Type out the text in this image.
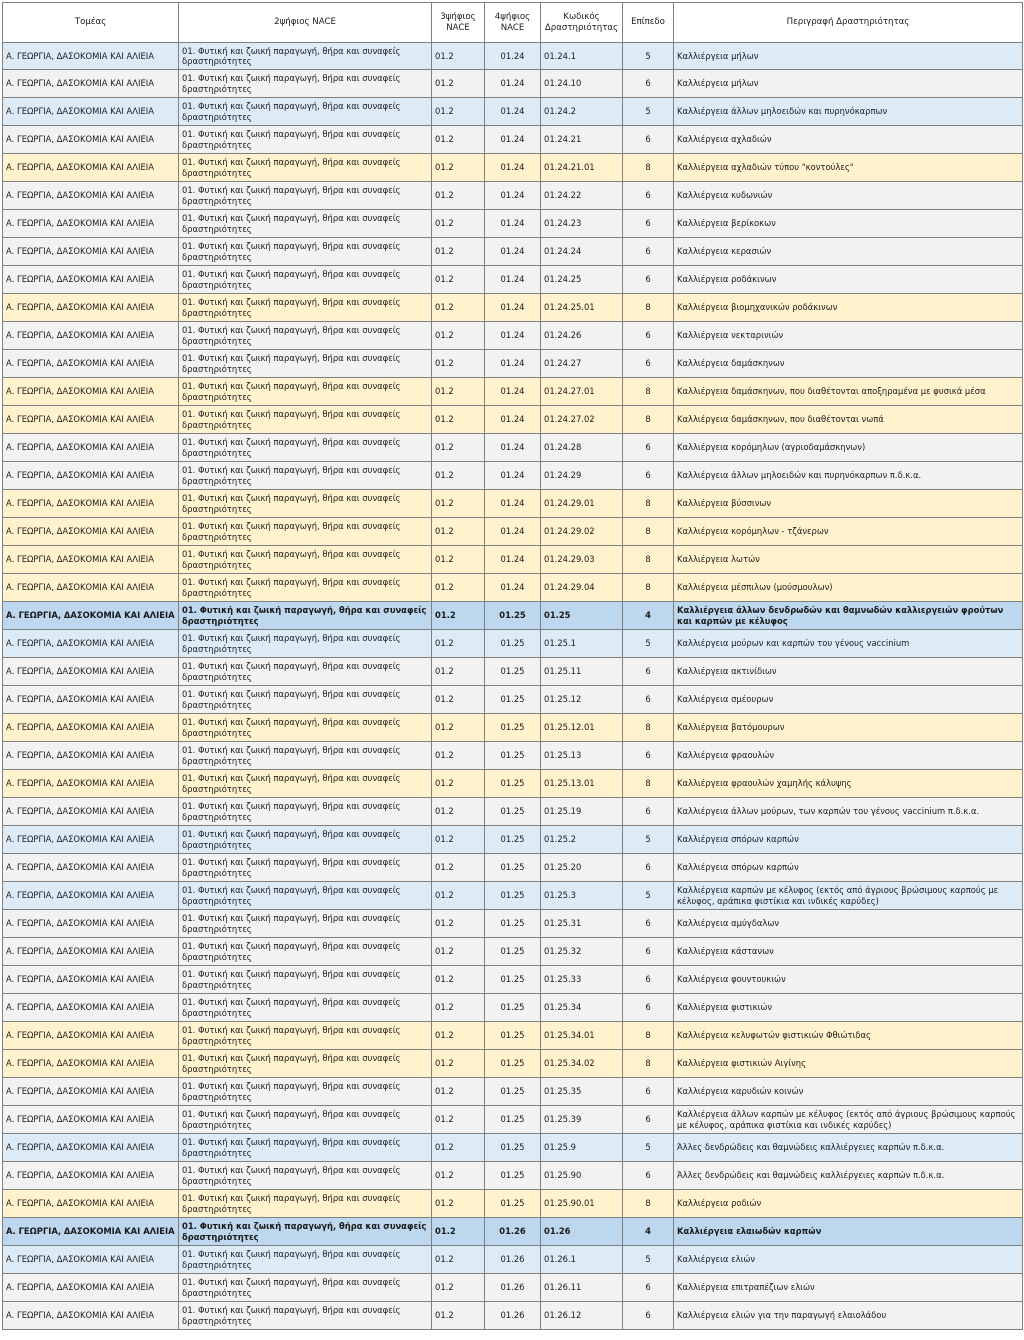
Τομέας	2ψήφιος NACE	3ψήφιος NACE	4ψήφιος NACE	Κωδικός Δραστηριότητας	Επίπεδο	Περιγραφή Δραστηριότητας
Α. ΓΕΩΡΓΙΑ, ΔΑΣΟΚΟΜΙΑ ΚΑΙ ΑΛΙΕΙΑ	01. Φυτική και ζωική παραγωγή, θήρα και συναφείς δραστηριότητες	01.2	01.24	01.24.1	5	Καλλιέργεια μήλων
Α. ΓΕΩΡΓΙΑ, ΔΑΣΟΚΟΜΙΑ ΚΑΙ ΑΛΙΕΙΑ	01. Φυτική και ζωική παραγωγή, θήρα και συναφείς δραστηριότητες	01.2	01.24	01.24.10	6	Καλλιέργεια μήλων
Α. ΓΕΩΡΓΙΑ, ΔΑΣΟΚΟΜΙΑ ΚΑΙ ΑΛΙΕΙΑ	01. Φυτική και ζωική παραγωγή, θήρα και συναφείς δραστηριότητες	01.2	01.24	01.24.2	5	Καλλιέργεια άλλων μηλοειδών και πυρηνόκαρπων
Α. ΓΕΩΡΓΙΑ, ΔΑΣΟΚΟΜΙΑ ΚΑΙ ΑΛΙΕΙΑ	01. Φυτική και ζωική παραγωγή, θήρα και συναφείς δραστηριότητες	01.2	01.24	01.24.21	6	Καλλιέργεια αχλαδιών
Α. ΓΕΩΡΓΙΑ, ΔΑΣΟΚΟΜΙΑ ΚΑΙ ΑΛΙΕΙΑ	01. Φυτική και ζωική παραγωγή, θήρα και συναφείς δραστηριότητες	01.2	01.24	01.24.21.01	8	Καλλιέργεια αχλαδιών τύπου "κοντούλες"
Α. ΓΕΩΡΓΙΑ, ΔΑΣΟΚΟΜΙΑ ΚΑΙ ΑΛΙΕΙΑ	01. Φυτική και ζωική παραγωγή, θήρα και συναφείς δραστηριότητες	01.2	01.24	01.24.22	6	Καλλιέργεια κυδωνιών
Α. ΓΕΩΡΓΙΑ, ΔΑΣΟΚΟΜΙΑ ΚΑΙ ΑΛΙΕΙΑ	01. Φυτική και ζωική παραγωγή, θήρα και συναφείς δραστηριότητες	01.2	01.24	01.24.23	6	Καλλιέργεια βερίκοκων
Α. ΓΕΩΡΓΙΑ, ΔΑΣΟΚΟΜΙΑ ΚΑΙ ΑΛΙΕΙΑ	01. Φυτική και ζωική παραγωγή, θήρα και συναφείς δραστηριότητες	01.2	01.24	01.24.24	6	Καλλιέργεια κερασιών
Α. ΓΕΩΡΓΙΑ, ΔΑΣΟΚΟΜΙΑ ΚΑΙ ΑΛΙΕΙΑ	01. Φυτική και ζωική παραγωγή, θήρα και συναφείς δραστηριότητες	01.2	01.24	01.24.25	6	Καλλιέργεια ροδάκινων
Α. ΓΕΩΡΓΙΑ, ΔΑΣΟΚΟΜΙΑ ΚΑΙ ΑΛΙΕΙΑ	01. Φυτική και ζωική παραγωγή, θήρα και συναφείς δραστηριότητες	01.2	01.24	01.24.25.01	8	Καλλιέργεια βιομηχανικών ροδάκινων
Α. ΓΕΩΡΓΙΑ, ΔΑΣΟΚΟΜΙΑ ΚΑΙ ΑΛΙΕΙΑ	01. Φυτική και ζωική παραγωγή, θήρα και συναφείς δραστηριότητες	01.2	01.24	01.24.26	6	Καλλιέργεια νεκταρινιών
Α. ΓΕΩΡΓΙΑ, ΔΑΣΟΚΟΜΙΑ ΚΑΙ ΑΛΙΕΙΑ	01. Φυτική και ζωική παραγωγή, θήρα και συναφείς δραστηριότητες	01.2	01.24	01.24.27	6	Καλλιέργεια δαμάσκηνων
Α. ΓΕΩΡΓΙΑ, ΔΑΣΟΚΟΜΙΑ ΚΑΙ ΑΛΙΕΙΑ	01. Φυτική και ζωική παραγωγή, θήρα και συναφείς δραστηριότητες	01.2	01.24	01.24.27.01	8	Καλλιέργεια δαμάσκηνων, που διαθέτονται αποξηραμένα με φυσικά μέσα
Α. ΓΕΩΡΓΙΑ, ΔΑΣΟΚΟΜΙΑ ΚΑΙ ΑΛΙΕΙΑ	01. Φυτική και ζωική παραγωγή, θήρα και συναφείς δραστηριότητες	01.2	01.24	01.24.27.02	8	Καλλιέργεια δαμάσκηνων, που διαθέτονται νωπά
Α. ΓΕΩΡΓΙΑ, ΔΑΣΟΚΟΜΙΑ ΚΑΙ ΑΛΙΕΙΑ	01. Φυτική και ζωική παραγωγή, θήρα και συναφείς δραστηριότητες	01.2	01.24	01.24.28	6	Καλλιέργεια κορόμηλων (αγριοδαμάσκηνων)
Α. ΓΕΩΡΓΙΑ, ΔΑΣΟΚΟΜΙΑ ΚΑΙ ΑΛΙΕΙΑ	01. Φυτική και ζωική παραγωγή, θήρα και συναφείς δραστηριότητες	01.2	01.24	01.24.29	6	Καλλιέργεια άλλων μηλοειδών και πυρηνόκαρπων π.δ.κ.α.
Α. ΓΕΩΡΓΙΑ, ΔΑΣΟΚΟΜΙΑ ΚΑΙ ΑΛΙΕΙΑ	01. Φυτική και ζωική παραγωγή, θήρα και συναφείς δραστηριότητες	01.2	01.24	01.24.29.01	8	Καλλιέργεια βύσσινων
Α. ΓΕΩΡΓΙΑ, ΔΑΣΟΚΟΜΙΑ ΚΑΙ ΑΛΙΕΙΑ	01. Φυτική και ζωική παραγωγή, θήρα και συναφείς δραστηριότητες	01.2	01.24	01.24.29.02	8	Καλλιέργεια κορόμηλων - τζάνερων
Α. ΓΕΩΡΓΙΑ, ΔΑΣΟΚΟΜΙΑ ΚΑΙ ΑΛΙΕΙΑ	01. Φυτική και ζωική παραγωγή, θήρα και συναφείς δραστηριότητες	01.2	01.24	01.24.29.03	8	Καλλιέργεια λωτών
Α. ΓΕΩΡΓΙΑ, ΔΑΣΟΚΟΜΙΑ ΚΑΙ ΑΛΙΕΙΑ	01. Φυτική και ζωική παραγωγή, θήρα και συναφείς δραστηριότητες	01.2	01.24	01.24.29.04	8	Καλλιέργεια μέσπιλων (μούσμουλων)
Α. ΓΕΩΡΓΙΑ, ΔΑΣΟΚΟΜΙΑ ΚΑΙ ΑΛΙΕΙΑ	01. Φυτική και ζωική παραγωγή, θήρα και συναφείς δραστηριότητες	01.2	01.25	01.25	4	Καλλιέργεια άλλων δενδρωδών και θαμνωδών καλλιεργειών φρούτων και καρπών με κέλυφος
Α. ΓΕΩΡΓΙΑ, ΔΑΣΟΚΟΜΙΑ ΚΑΙ ΑΛΙΕΙΑ	01. Φυτική και ζωική παραγωγή, θήρα και συναφείς δραστηριότητες	01.2	01.25	01.25.1	5	Καλλιέργεια μούρων και καρπών του γένους vaccinium
Α. ΓΕΩΡΓΙΑ, ΔΑΣΟΚΟΜΙΑ ΚΑΙ ΑΛΙΕΙΑ	01. Φυτική και ζωική παραγωγή, θήρα και συναφείς δραστηριότητες	01.2	01.25	01.25.11	6	Καλλιέργεια ακτινίδιων
Α. ΓΕΩΡΓΙΑ, ΔΑΣΟΚΟΜΙΑ ΚΑΙ ΑΛΙΕΙΑ	01. Φυτική και ζωική παραγωγή, θήρα και συναφείς δραστηριότητες	01.2	01.25	01.25.12	6	Καλλιέργεια σμέουρων
Α. ΓΕΩΡΓΙΑ, ΔΑΣΟΚΟΜΙΑ ΚΑΙ ΑΛΙΕΙΑ	01. Φυτική και ζωική παραγωγή, θήρα και συναφείς δραστηριότητες	01.2	01.25	01.25.12.01	8	Καλλιέργεια βατόμουρων
Α. ΓΕΩΡΓΙΑ, ΔΑΣΟΚΟΜΙΑ ΚΑΙ ΑΛΙΕΙΑ	01. Φυτική και ζωική παραγωγή, θήρα και συναφείς δραστηριότητες	01.2	01.25	01.25.13	6	Καλλιέργεια φραουλών
Α. ΓΕΩΡΓΙΑ, ΔΑΣΟΚΟΜΙΑ ΚΑΙ ΑΛΙΕΙΑ	01. Φυτική και ζωική παραγωγή, θήρα και συναφείς δραστηριότητες	01.2	01.25	01.25.13.01	8	Καλλιέργεια φραουλών χαμηλής κάλυψης
Α. ΓΕΩΡΓΙΑ, ΔΑΣΟΚΟΜΙΑ ΚΑΙ ΑΛΙΕΙΑ	01. Φυτική και ζωική παραγωγή, θήρα και συναφείς δραστηριότητες	01.2	01.25	01.25.19	6	Καλλιέργεια άλλων μούρων, των καρπών του γένους vaccinium π.δ.κ.α.
Α. ΓΕΩΡΓΙΑ, ΔΑΣΟΚΟΜΙΑ ΚΑΙ ΑΛΙΕΙΑ	01. Φυτική και ζωική παραγωγή, θήρα και συναφείς δραστηριότητες	01.2	01.25	01.25.2	5	Καλλιέργεια σπόρων καρπών
Α. ΓΕΩΡΓΙΑ, ΔΑΣΟΚΟΜΙΑ ΚΑΙ ΑΛΙΕΙΑ	01. Φυτική και ζωική παραγωγή, θήρα και συναφείς δραστηριότητες	01.2	01.25	01.25.20	6	Καλλιέργεια σπόρων καρπών
Α. ΓΕΩΡΓΙΑ, ΔΑΣΟΚΟΜΙΑ ΚΑΙ ΑΛΙΕΙΑ	01. Φυτική και ζωική παραγωγή, θήρα και συναφείς δραστηριότητες	01.2	01.25	01.25.3	5	Καλλιέργεια καρπών με κέλυφος (εκτός από άγριους βρώσιμους καρπούς με κέλυφος, αράπικα φιστίκια και ινδικές καρύδες)
Α. ΓΕΩΡΓΙΑ, ΔΑΣΟΚΟΜΙΑ ΚΑΙ ΑΛΙΕΙΑ	01. Φυτική και ζωική παραγωγή, θήρα και συναφείς δραστηριότητες	01.2	01.25	01.25.31	6	Καλλιέργεια αμύγδαλων
Α. ΓΕΩΡΓΙΑ, ΔΑΣΟΚΟΜΙΑ ΚΑΙ ΑΛΙΕΙΑ	01. Φυτική και ζωική παραγωγή, θήρα και συναφείς δραστηριότητες	01.2	01.25	01.25.32	6	Καλλιέργεια κάστανων
Α. ΓΕΩΡΓΙΑ, ΔΑΣΟΚΟΜΙΑ ΚΑΙ ΑΛΙΕΙΑ	01. Φυτική και ζωική παραγωγή, θήρα και συναφείς δραστηριότητες	01.2	01.25	01.25.33	6	Καλλιέργεια φουντουκιών
Α. ΓΕΩΡΓΙΑ, ΔΑΣΟΚΟΜΙΑ ΚΑΙ ΑΛΙΕΙΑ	01. Φυτική και ζωική παραγωγή, θήρα και συναφείς δραστηριότητες	01.2	01.25	01.25.34	6	Καλλιέργεια φιστικιών
Α. ΓΕΩΡΓΙΑ, ΔΑΣΟΚΟΜΙΑ ΚΑΙ ΑΛΙΕΙΑ	01. Φυτική και ζωική παραγωγή, θήρα και συναφείς δραστηριότητες	01.2	01.25	01.25.34.01	8	Καλλιέργεια κελυφωτών φιστικιών Φθιώτιδας
Α. ΓΕΩΡΓΙΑ, ΔΑΣΟΚΟΜΙΑ ΚΑΙ ΑΛΙΕΙΑ	01. Φυτική και ζωική παραγωγή, θήρα και συναφείς δραστηριότητες	01.2	01.25	01.25.34.02	8	Καλλιέργεια φιστικιών Αιγίνης
Α. ΓΕΩΡΓΙΑ, ΔΑΣΟΚΟΜΙΑ ΚΑΙ ΑΛΙΕΙΑ	01. Φυτική και ζωική παραγωγή, θήρα και συναφείς δραστηριότητες	01.2	01.25	01.25.35	6	Καλλιέργεια καρυδιών κοινών
Α. ΓΕΩΡΓΙΑ, ΔΑΣΟΚΟΜΙΑ ΚΑΙ ΑΛΙΕΙΑ	01. Φυτική και ζωική παραγωγή, θήρα και συναφείς δραστηριότητες	01.2	01.25	01.25.39	6	Καλλιέργεια άλλων καρπών με κέλυφος (εκτός από άγριους βρώσιμους καρπούς με κέλυφος, αράπικα φιστίκια και ινδικές καρύδες)
Α. ΓΕΩΡΓΙΑ, ΔΑΣΟΚΟΜΙΑ ΚΑΙ ΑΛΙΕΙΑ	01. Φυτική και ζωική παραγωγή, θήρα και συναφείς δραστηριότητες	01.2	01.25	01.25.9	5	Άλλες δενδρώδεις και θαμνώδεις καλλιέργειες καρπών π.δ.κ.α.
Α. ΓΕΩΡΓΙΑ, ΔΑΣΟΚΟΜΙΑ ΚΑΙ ΑΛΙΕΙΑ	01. Φυτική και ζωική παραγωγή, θήρα και συναφείς δραστηριότητες	01.2	01.25	01.25.90	6	Άλλες δενδρώδεις και θαμνώδεις καλλιέργειες καρπών π.δ.κ.α.
Α. ΓΕΩΡΓΙΑ, ΔΑΣΟΚΟΜΙΑ ΚΑΙ ΑΛΙΕΙΑ	01. Φυτική και ζωική παραγωγή, θήρα και συναφείς δραστηριότητες	01.2	01.25	01.25.90.01	8	Καλλιέργεια ροδιών
Α. ΓΕΩΡΓΙΑ, ΔΑΣΟΚΟΜΙΑ ΚΑΙ ΑΛΙΕΙΑ	01. Φυτική και ζωική παραγωγή, θήρα και συναφείς δραστηριότητες	01.2	01.26	01.26	4	Καλλιέργεια ελαιωδών καρπών
Α. ΓΕΩΡΓΙΑ, ΔΑΣΟΚΟΜΙΑ ΚΑΙ ΑΛΙΕΙΑ	01. Φυτική και ζωική παραγωγή, θήρα και συναφείς δραστηριότητες	01.2	01.26	01.26.1	5	Καλλιέργεια ελιών
Α. ΓΕΩΡΓΙΑ, ΔΑΣΟΚΟΜΙΑ ΚΑΙ ΑΛΙΕΙΑ	01. Φυτική και ζωική παραγωγή, θήρα και συναφείς δραστηριότητες	01.2	01.26	01.26.11	6	Καλλιέργεια επιτραπέζιων ελιών
Α. ΓΕΩΡΓΙΑ, ΔΑΣΟΚΟΜΙΑ ΚΑΙ ΑΛΙΕΙΑ	01. Φυτική και ζωική παραγωγή, θήρα και συναφείς δραστηριότητες	01.2	01.26	01.26.12	6	Καλλιέργεια ελιών για την παραγωγή ελαιολάδου
